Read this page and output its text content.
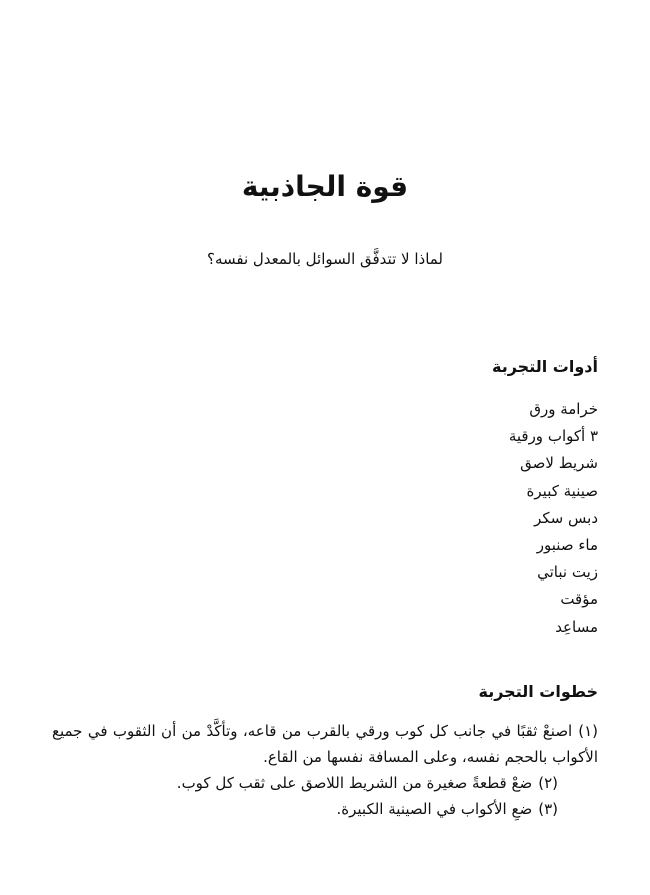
قوة الجاذبية

لماذا لا تتدفَّق السوائل بالمعدل نفسه؟

أدوات التجربة
خرامة ورق
٣ أكواب ورقية
شريط لاصق
صينية كبيرة
دبس سكر
ماء صنبور
زيت نباتي
مؤقت
مساعِد
خطوات التجربة
(١)اصنعْ ثقبًا في جانب كل كوب ورقي بالقرب من قاعه، وتأكَّدْ من أن الثقوب في جميع الأكواب بالحجم نفسه، وعلى المسافة نفسها من القاع.
(٢)ضعْ قطعةً صغيرة من الشريط اللاصق على ثقب كل كوب.
(٣)ضعِ الأكواب في الصينية الكبيرة.
